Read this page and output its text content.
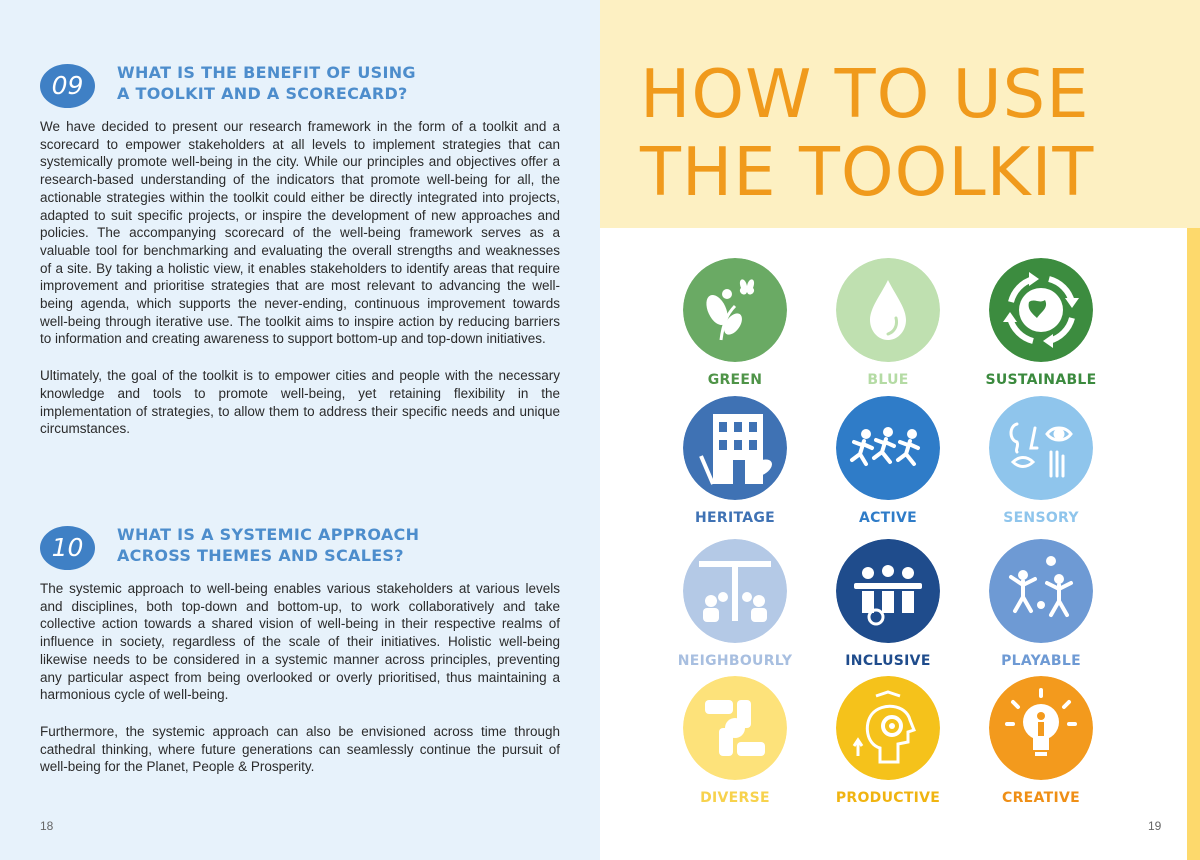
09	WHAT IS THE BENEFIT OF USING
A TOOLKIT AND A SCORECARD?

We have decided to present our research framework in the form of a toolkit and a scorecard to empower stakeholders at all levels to implement strategies that can systemically promote well-being in the city. While our principles and objectives offer a research-based understanding of the indicators that promote well-being for all, the actionable strategies within the toolkit could either be directly integrated into projects, adapted to suit specific projects, or inspire the development of new approaches and policies. The accompanying scorecard of the well-being framework serves as a valuable tool for benchmarking and evaluating the overall strengths and weaknesses of a site. By taking a holistic view, it enables stakeholders to identify areas that require improvement and prioritise strategies that are most relevant to advancing the well-being agenda, which supports the never-ending, continuous improvement towards well-being through iterative use. The toolkit aims to inspire action by reducing barriers to information and creating awareness to support bottom-up and top-down initiatives.

Ultimately, the goal of the toolkit is to empower cities and people with the necessary knowledge and tools to promote well-being, yet retaining flexibility in the implementation of strategies, to allow them to address their specific needs and unique circumstances.

10	WHAT IS A SYSTEMIC APPROACH
ACROSS THEMES AND SCALES?

The systemic approach to well-being enables various stakeholders at various levels and disciplines, both top-down and bottom-up, to work collaboratively and take collective action towards a shared vision of well-being in their respective realms of influence in society, regardless of the scale of their initiatives. Holistic well-being likewise needs to be considered in a systemic manner across principles, preventing any particular aspect from being overlooked or overly prioritised, thus maintaining a harmonious cycle of well-being.

Furthermore, the systemic approach can also be envisioned across time through cathedral thinking, where future generations can seamlessly continue the pursuit of well-being for the Planet, People & Prosperity.

18
HOW TO USE
THE TOOLKIT
GREEN	BLUE	SUSTAINABLE
HERITAGE	ACTIVE	SENSORY
NEIGHBOURLY	INCLUSIVE	PLAYABLE
DIVERSE	PRODUCTIVE	CREATIVE
19
